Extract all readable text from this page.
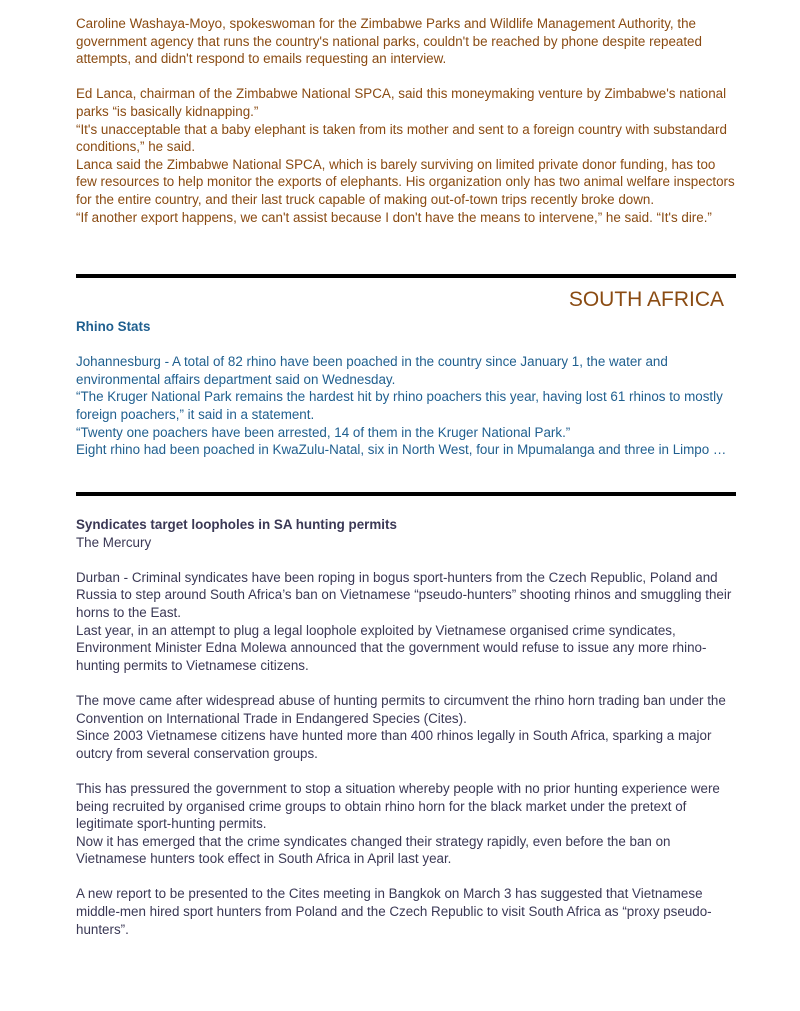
Caroline Washaya-Moyo, spokeswoman for the Zimbabwe Parks and Wildlife Management Authority, the government agency that runs the country's national parks, couldn't be reached by phone despite repeated attempts, and didn't respond to emails requesting an interview.

Ed Lanca, chairman of the Zimbabwe National SPCA, said this moneymaking venture by Zimbabwe's national parks “is basically kidnapping.”

“It's unacceptable that a baby elephant is taken from its mother and sent to a foreign country with substandard conditions,” he said.

Lanca said the Zimbabwe National SPCA, which is barely surviving on limited private donor funding, has too few resources to help monitor the exports of elephants. His organization only has two animal welfare inspectors for the entire country, and their last truck capable of making out-of-town trips recently broke down.

“If another export happens, we can't assist because I don't have the means to intervene,” he said. “It's dire.”

SOUTH AFRICA

Rhino Stats

Johannesburg - A total of 82 rhino have been poached in the country since January 1, the water and environmental affairs department said on Wednesday.

“The Kruger National Park remains the hardest hit by rhino poachers this year, having lost 61 rhinos to mostly foreign poachers,” it said in a statement.

“Twenty one poachers have been arrested, 14 of them in the Kruger National Park.”

Eight rhino had been poached in KwaZulu-Natal, six in North West, four in Mpumalanga and three in Limpo …

Syndicates target loopholes in SA hunting permits

The Mercury

Durban - Criminal syndicates have been roping in bogus sport-hunters from the Czech Republic, Poland and Russia to step around South Africa’s ban on Vietnamese “pseudo-hunters” shooting rhinos and smuggling their horns to the East.

Last year, in an attempt to plug a legal loophole exploited by Vietnamese organised crime syndicates, Environment Minister Edna Molewa announced that the government would refuse to issue any more rhino-hunting permits to Vietnamese citizens.

The move came after widespread abuse of hunting permits to circumvent the rhino horn trading ban under the Convention on International Trade in Endangered Species (Cites).

Since 2003 Vietnamese citizens have hunted more than 400 rhinos legally in South Africa, sparking a major outcry from several conservation groups.

This has pressured the government to stop a situation whereby people with no prior hunting experience were being recruited by organised crime groups to obtain rhino horn for the black market under the pretext of legitimate sport-hunting permits.

Now it has emerged that the crime syndicates changed their strategy rapidly, even before the ban on Vietnamese hunters took effect in South Africa in April last year.

A new report to be presented to the Cites meeting in Bangkok on March 3 has suggested that Vietnamese middle-men hired sport hunters from Poland and the Czech Republic to visit South Africa as “proxy pseudo-hunters”.
